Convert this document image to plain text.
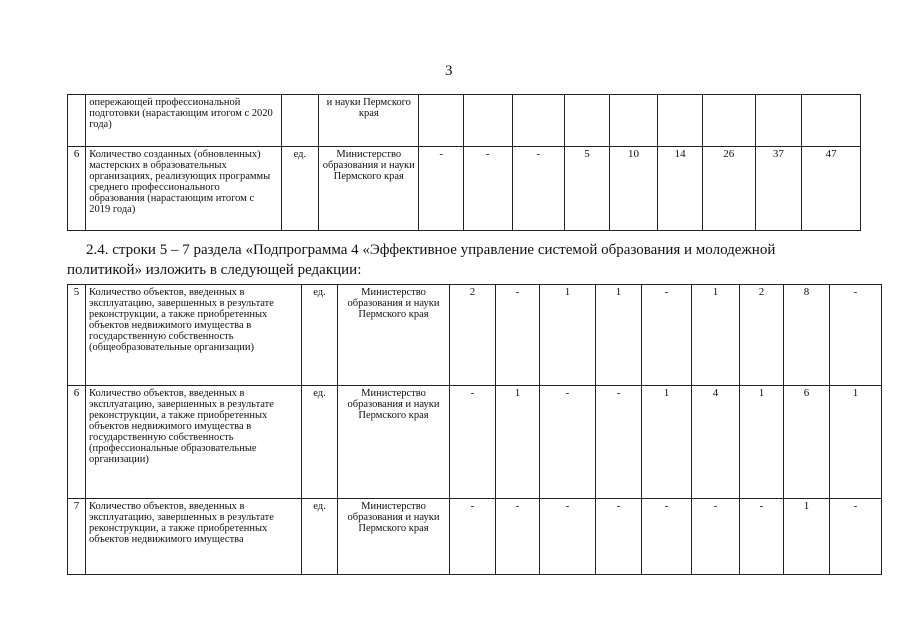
3
	опережающей профессиональной подготовки (нарастающим итогом с 2020 года)		и науки Пермского края									
6	Количество созданных (обновленных) мастерских в образовательных организациях, реализующих программы среднего профессионального образования (нарастающим итогом с 2019 года)	ед.	Министерство образования и науки Пермского края	-	-	-	5	10	14	26	37	47
2.4. строки 5 – 7 раздела «Подпрограмма 4 «Эффективное управление системой образования и молодежной
политикой» изложить в следующей редакции:
5	Количество объектов, введенных в эксплуатацию, завершенных в результате реконструкции, а также приобретенных объектов недвижимого имущества в государственную собственность (общеобразовательные организации)	ед.	Министерство образования и науки Пермского края	2	-	1	1	-	1	2	8	-
6	Количество объектов, введенных в эксплуатацию, завершенных в результате реконструкции, а также приобретенных объектов недвижимого имущества в государственную собственность (профессиональные образовательные организации)	ед.	Министерство образования и науки Пермского края	-	1	-	-	1	4	1	6	1
7	Количество объектов, введенных в эксплуатацию, завершенных в результате реконструкции, а также приобретенных объектов недвижимого имущества	ед.	Министерство образования и науки Пермского края	-	-	-	-	-	-	-	1	-
